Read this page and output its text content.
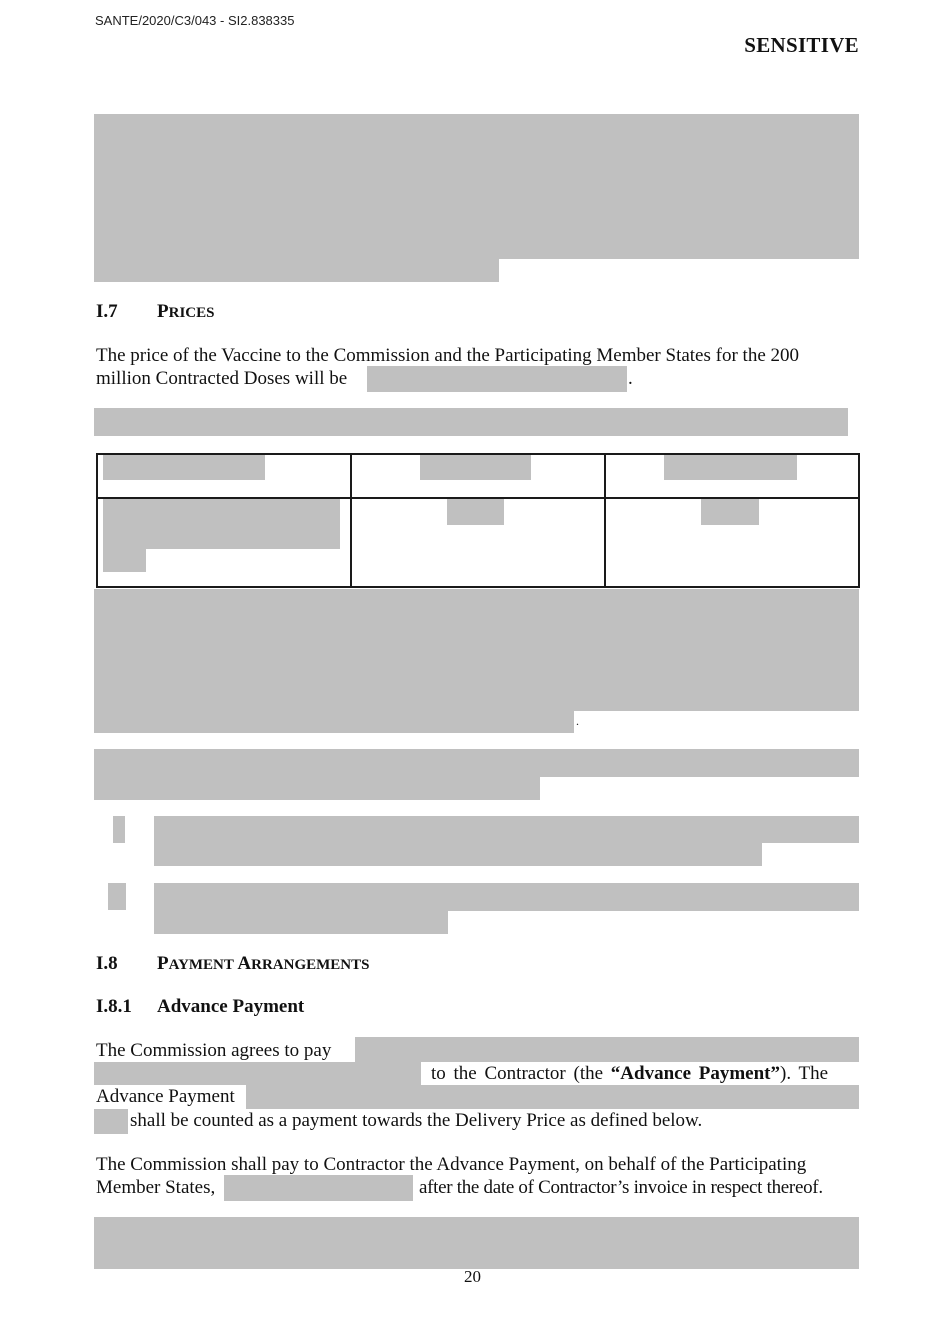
SANTE/2020/C3/043 - SI2.838335
SENSITIVE
I.7 PRICES
The price of the Vaccine to the Commission and the Participating Member States for the 200
million Contracted Doses will be	.
.
I.8 PAYMENT ARRANGEMENTS
I.8.1 Advance Payment
The Commission agrees to pay
to the Contractor (the “Advance Payment”). The
Advance Payment
shall be counted as a payment towards the Delivery Price as defined below.
The Commission shall pay to Contractor the Advance Payment, on behalf of the Participating
Member States,	after the date of Contractor’s invoice in respect thereof.
20
